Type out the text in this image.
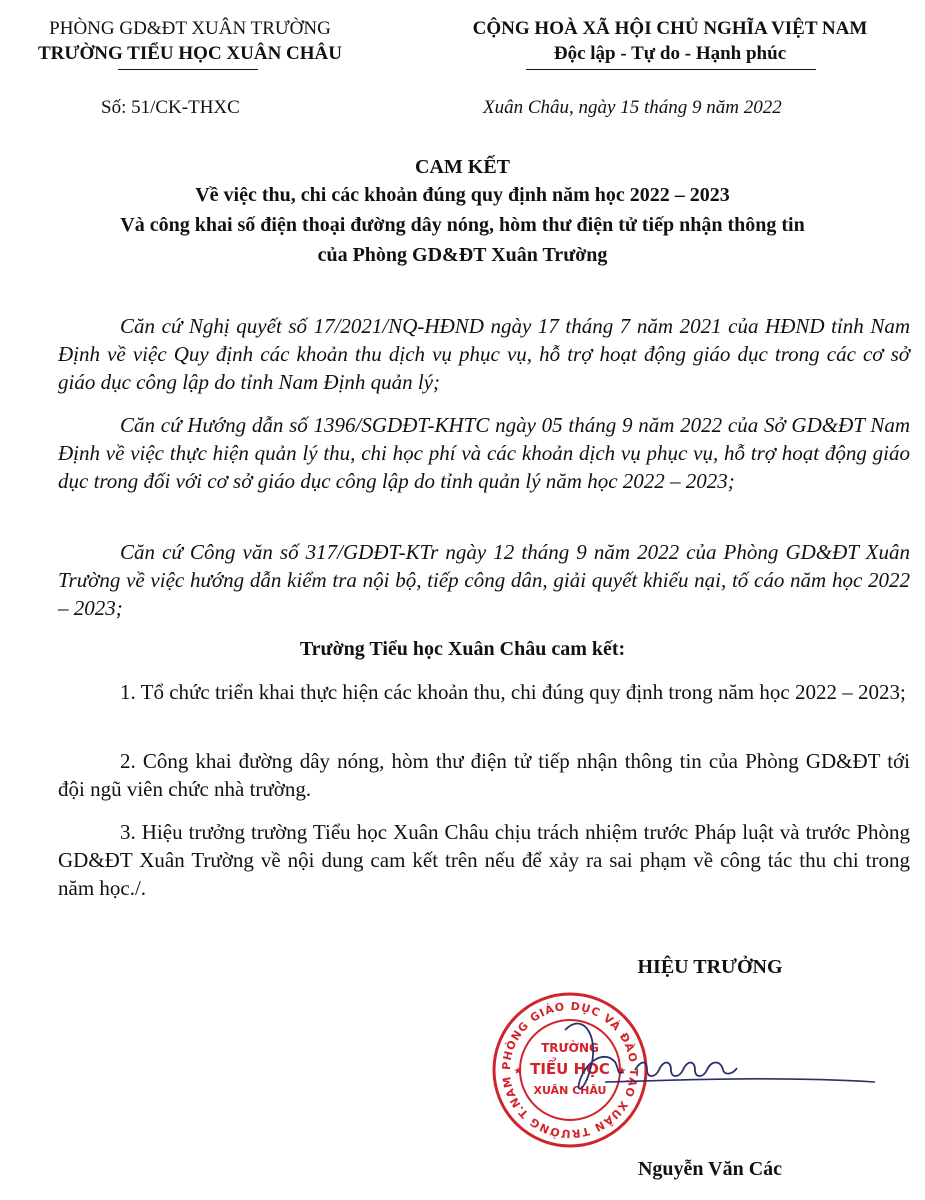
PHÒNG GD&ĐT XUÂN TRƯỜNG
TRƯỜNG TIỂU HỌC XUÂN CHÂU
CỘNG HOÀ XÃ HỘI CHỦ NGHĨA VIỆT NAM
Độc lập - Tự do - Hạnh phúc
Số: 51/CK-THXC	Xuân Châu, ngày 15 tháng 9 năm 2022
CAM KẾT
Về việc thu, chi các khoản đúng quy định năm học 2022 – 2023
Và công khai số điện thoại đường dây nóng, hòm thư điện tử tiếp nhận thông tin
của Phòng GD&ĐT Xuân Trường
Căn cứ Nghị quyết số 17/2021/NQ-HĐND ngày 17 tháng 7 năm 2021 của HĐND tỉnh Nam Định về việc Quy định các khoản thu dịch vụ phục vụ, hỗ trợ hoạt động giáo dục trong các cơ sở giáo dục công lập do tỉnh Nam Định quản lý;
Căn cứ Hướng dẫn số 1396/SGDĐT-KHTC ngày 05 tháng 9 năm 2022 của Sở GD&ĐT Nam Định về việc thực hiện quản lý thu, chi học phí và các khoản dịch vụ phục vụ, hỗ trợ hoạt động giáo dục trong đối với cơ sở giáo dục công lập do tỉnh quản lý năm học 2022 – 2023;
Căn cứ Công văn số 317/GDĐT-KTr ngày 12 tháng 9 năm 2022 của Phòng GD&ĐT Xuân Trường về việc hướng dẫn kiểm tra nội bộ, tiếp công dân, giải quyết khiếu nại, tố cáo năm học 2022 – 2023;
Trường Tiểu học Xuân Châu cam kết:
1. Tổ chức triển khai thực hiện các khoản thu, chi đúng quy định trong năm học 2022 – 2023;
2. Công khai đường dây nóng, hòm thư điện tử tiếp nhận thông tin của Phòng GD&ĐT tới đội ngũ viên chức nhà trường.
3. Hiệu trưởng trường Tiểu học Xuân Châu chịu trách nhiệm trước Pháp luật và trước Phòng GD&ĐT Xuân Trường về nội dung cam kết trên nếu để xảy ra sai phạm về công tác thu chi trong năm học./.
HIỆU TRƯỞNG
PHÒNG GIÁO DỤC VÀ ĐÀO TẠO XUÂN TRƯỜNG T.NAM
TRƯỜNG
TIỂU HỌC
XUÂN CHÂU
★	★
Nguyễn Văn Các
